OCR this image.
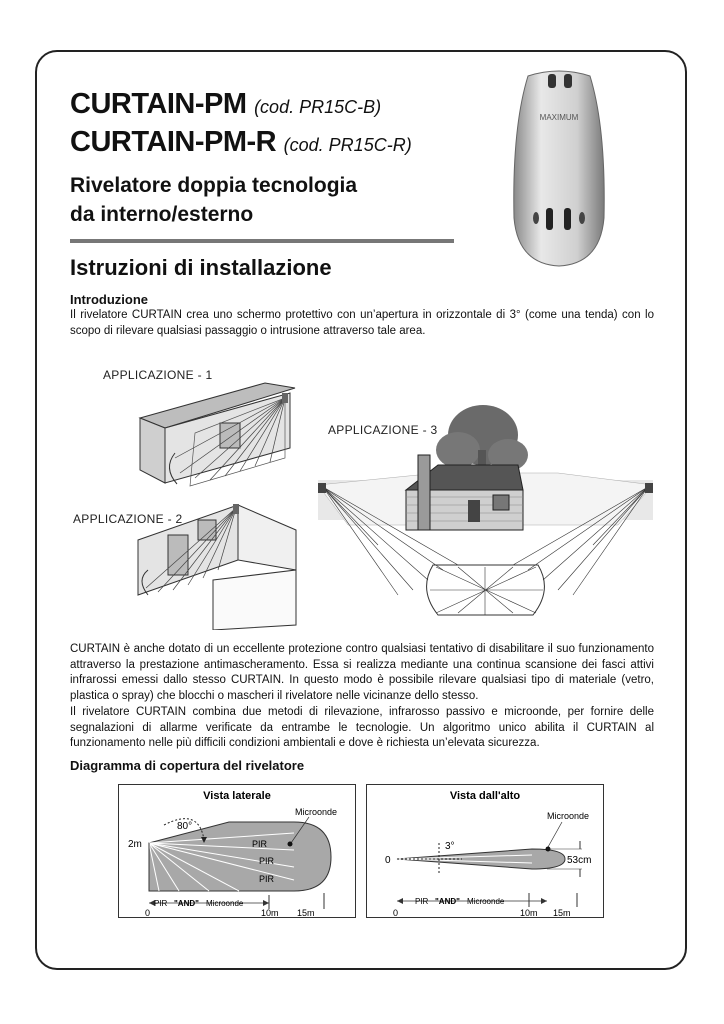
CURTAIN-PM (cod. PR15C-B)
CURTAIN-PM-R (cod. PR15C-R)
Rivelatore doppia tecnologia
da interno/esterno
MAXIMUM
Istruzioni di installazione
Introduzione
Il rivelatore CURTAIN crea uno schermo protettivo con un’apertura in orizzontale di 3° (come una tenda) con lo scopo di rilevare qualsiasi passaggio o intrusione attraverso tale area.
APPLICAZIONE - 1
APPLICAZIONE - 3
APPLICAZIONE - 2
CURTAIN è anche dotato di un eccellente protezione contro qualsiasi tentativo di disabilitare il suo funzionamento attraverso la prestazione antimascheramento. Essa si realizza mediante una continua scansione dei fasci attivi infrarossi emessi dallo stesso CURTAIN. In questo modo è possibile rilevare qualsiasi tipo di materiale (vetro, plastica o spray) che blocchi o mascheri il rivelatore nelle vicinanze dello stesso.
Il rivelatore CURTAIN combina due metodi di rilevazione, infrarosso passivo e microonde, per fornire delle segnalazioni di allarme verificate da entrambe le tecnologie. Un algoritmo unico abilita il CURTAIN al funzionamento nelle più difficili condizioni ambientali e dove è richiesta un’elevata sicurezza.
Diagramma di copertura del rivelatore
Vista laterale
80°
2m
Microonde
PIR
PIR
PIR
PIR "AND" Microonde
0	10m 15m
Vista dall'alto
3°
Microonde
53cm
0
PIR "AND" Microonde
0	10m 15m
